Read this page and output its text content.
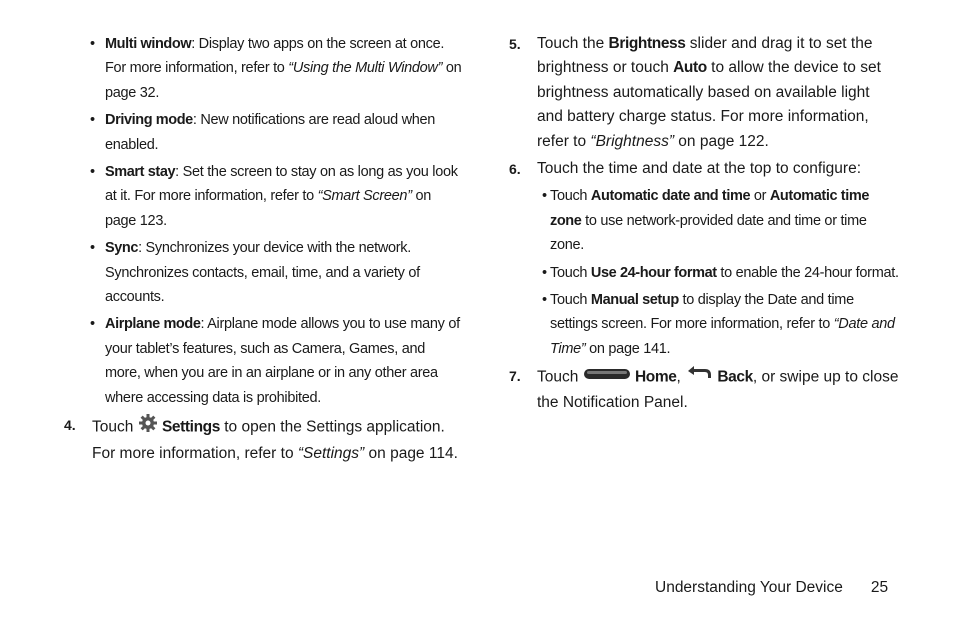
• Multi window: Display two apps on the screen at once. For more information, refer to “Using the Multi Window” on page 32.
• Driving mode: New notifications are read aloud when enabled.
• Smart stay: Set the screen to stay on as long as you look at it. For more information, refer to “Smart Screen” on page 123.
• Sync: Synchronizes your device with the network. Synchronizes contacts, email, time, and a variety of accounts.
• Airplane mode: Airplane mode allows you to use many of your tablet’s features, such as Camera, Games, and more, when you are in an airplane or in any other area where accessing data is prohibited.
4. Touch  Settings to open the Settings application. For more information, refer to “Settings” on page 114.
5. Touch the Brightness slider and drag it to set the brightness or touch Auto to allow the device to set brightness automatically based on available light and battery charge status. For more information, refer to “Brightness” on page 122.
6. Touch the time and date at the top to configure:
• Touch Automatic date and time or Automatic time zone to use network-provided date and time or time zone.
• Touch Use 24-hour format to enable the 24-hour format.
• Touch Manual setup to display the Date and time settings screen. For more information, refer to “Date and Time” on page 141.
7. Touch	Home,  Back, or swipe up to close the Notification Panel.
Understanding Your Device 25
